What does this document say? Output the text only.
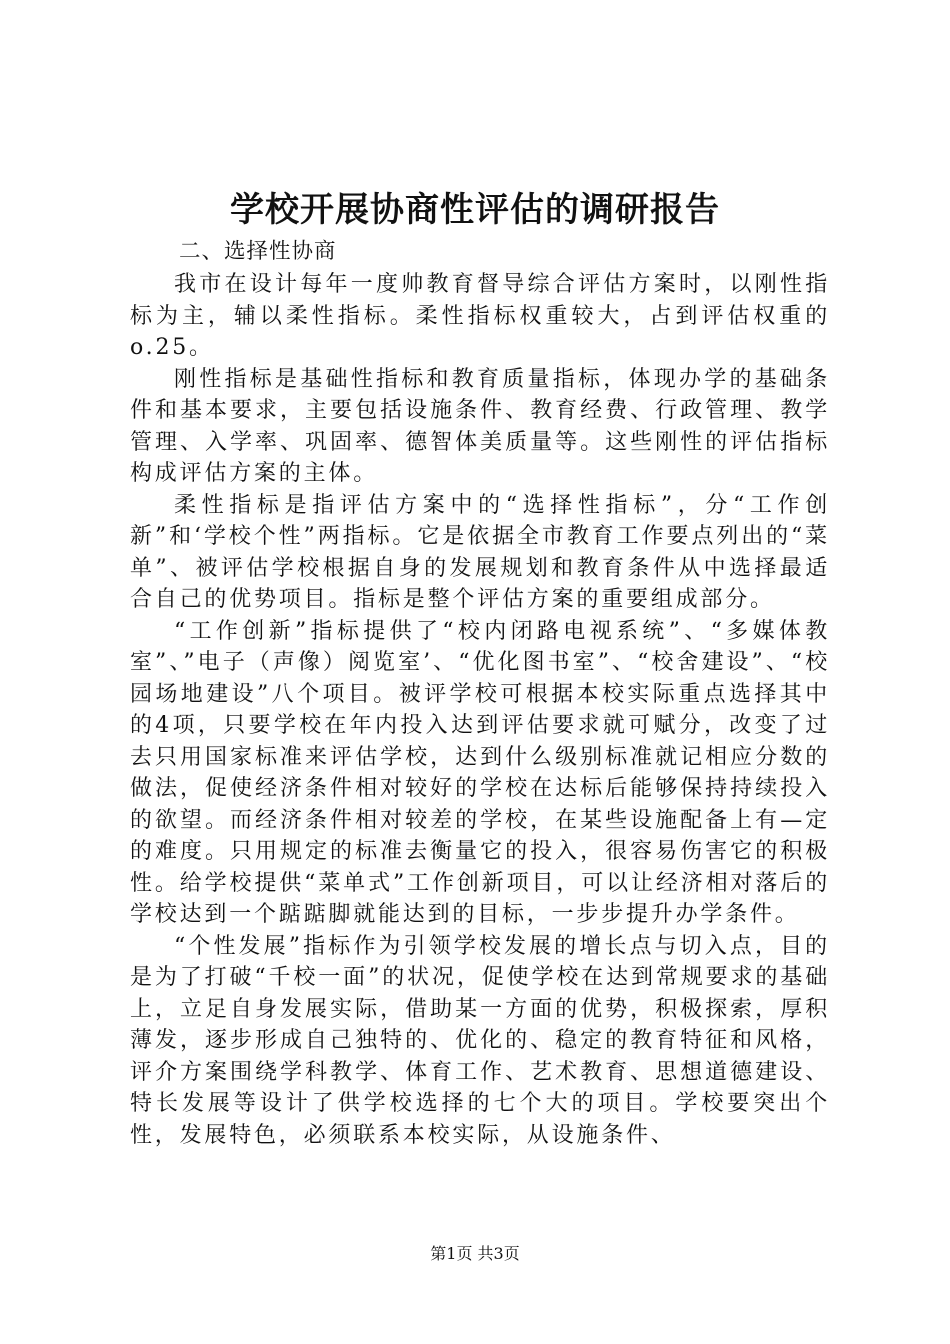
学校开展协商性评估的调研报告
二、选择性协商

我市在设计每年一度帅教育督导综合评估方案时，以刚性指标为主，辅以柔性指标。柔性指标权重较大，占到评估权重的o.25。

刚性指标是基础性指标和教育质量指标，体现办学的基础条件和基本要求，主要包括设施条件、教育经费、行政管理、教学管理、入学率、巩固率、德智体美质量等。这些刚性的评估指标构成评估方案的主体。

柔性指标是指评估方案中的“选择性指标”，分“工作创新”和‘学校个性”两指标。它是依据全市教育工作要点列出的“菜单”、被评估学校根据自身的发展规划和教育条件从中选择最适合自己的优势项目。指标是整个评估方案的重要组成部分。

“工作创新”指标提供了“校内闭路电视系统”、“多媒体教室”、”电子（声像）阅览室’、“优化图书室”、“校舍建设”、“校园场地建设”八个项目。被评学校可根据本校实际重点选择其中的4项，只要学校在年内投入达到评估要求就可赋分，改变了过去只用国家标准来评估学校，达到什么级别标准就记相应分数的做法，促使经济条件相对较好的学校在达标后能够保持持续投入的欲望。而经济条件相对较差的学校，在某些设施配备上有—定的难度。只用规定的标准去衡量它的投入，很容易伤害它的积极性。给学校提供“菜单式”工作创新项目，可以让经济相对落后的学校达到一个踮踮脚就能达到的目标，一步步提升办学条件。

“个性发展”指标作为引领学校发展的增长点与切入点，目的是为了打破“千校一面”的状况，促使学校在达到常规要求的基础上，立足自身发展实际，借助某一方面的优势，积极探索，厚积薄发，逐步形成自己独特的、优化的、稳定的教育特征和风格，评介方案围绕学科教学、体育工作、艺术教育、思想道德建设、特长发展等设计了供学校选择的七个大的项目。学校要突出个性，发展特色，必须联系本校实际，从设施条件、

第1页 共3页
